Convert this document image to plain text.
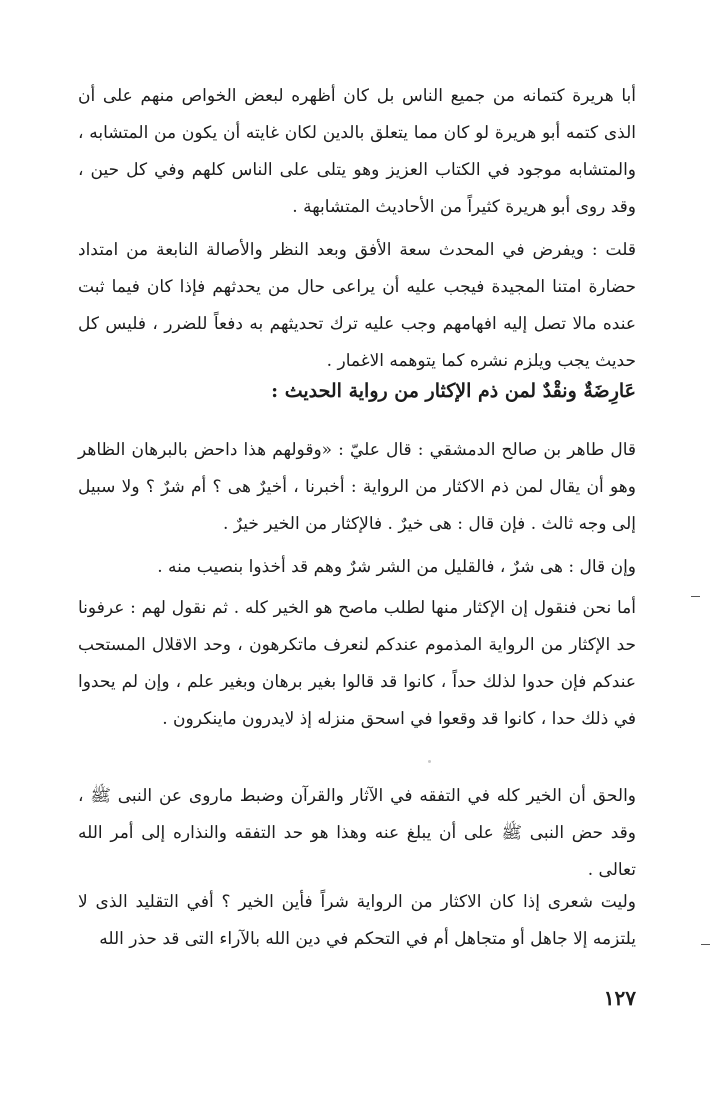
أبا هريرة كتمانه من جميع الناس بل كان أظهره لبعض الخواص منهم على أن الذى كتمه أبو هريرة لو كان مما يتعلق بالدين لكان غايته أن يكون من المتشابه ، والمتشابه موجود في الكتاب العزيز وهو يتلى على الناس كلهم وفي كل حين ، وقد روى أبو هريرة كثيراً من الأحاديث المتشابهة .

قلت : ويفرض في المحدث سعة الأفق وبعد النظر والأصالة النابعة من امتداد حضارة امتنا المجيدة فيجب عليه أن يراعى حال من يحدثهم فإذا كان فيما ثبت عنده مالا تصل إليه افهامهم وجب عليه ترك تحديثهم به دفعاً للضرر ، فليس كل حديث يجب ويلزم نشره كما يتوهمه الاغمار .

عَارِضَةٌ ونقْدٌ لمن ذم الإكثار من رواية الحديث :

قال طاهر بن صالح الدمشقي : قال عليّ : «وقولهم هذا داحض بالبرهان الظاهر وهو أن يقال لمن ذم الاكثار من الرواية : أخبرنا ، أخيرٌ هى ؟ أم شرٌ ؟ ولا سبيل إلى وجه ثالث . فإن قال : هى خيرٌ . فالإكثار من الخير خيرٌ .

وإن قال : هى شرٌ ، فالقليل من الشر شرٌ وهم قد أخذوا بنصيب منه .

أما نحن فنقول إن الإكثار منها لطلب ماصح هو الخير كله . ثم نقول لهم : عرفونا حد الإكثار من الرواية المذموم عندكم لنعرف ماتكرهون ، وحد الاقلال المستحب عندكم فإن حدوا لذلك حداً ، كانوا قد قالوا بغير برهان وبغير علم ، وإن لم يحدوا في ذلك حدا ، كانوا قد وقعوا في اسحق منزله إذ لايدرون ماينكرون .

والحق أن الخير كله في التفقه في الآثار والقرآن وضبط ماروى عن النبى ﷺ ، وقد حض النبى ﷺ على أن يبلغ عنه وهذا هو حد التفقه والنذاره إلى أمر الله تعالى .

وليت شعرى إذا كان الاكثار من الرواية شراً فأين الخير ؟ أفي التقليد الذى لا يلتزمه إلا جاهل أو متجاهل أم في التحكم في دين الله بالآراء التى قد حذر الله

١٢٧
